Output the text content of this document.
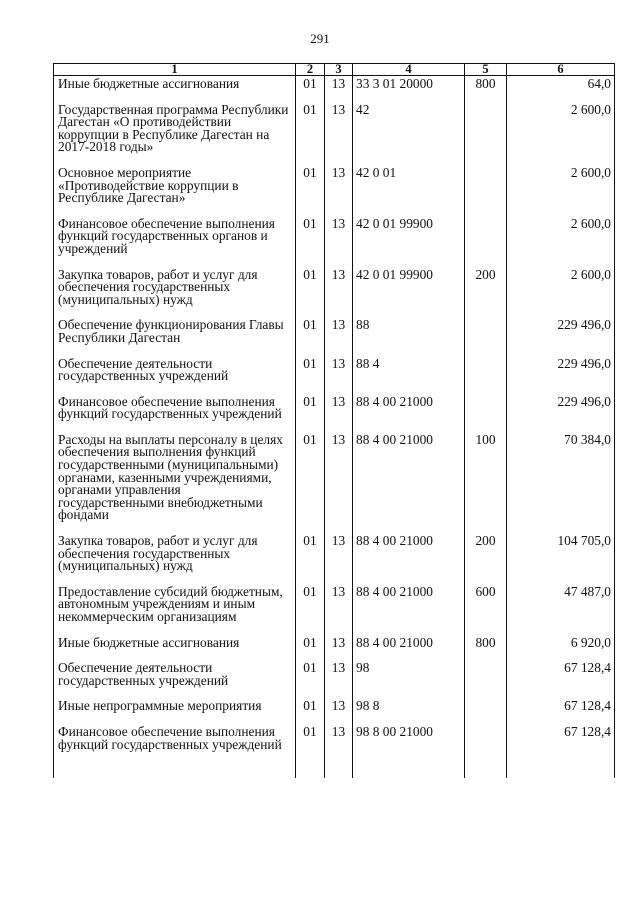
291
1	2	3	4	5	6
Иные бюджетные ассигнования	01	13	33 3 01 20000	800	64,0
Государственная программа Республики Дагестан «О противодействии коррупции в Республике Дагестан на 2017-2018 годы»	01	13	42		2 600,0
Основное мероприятие «Противодействие коррупции в Республике Дагестан»	01	13	42 0 01		2 600,0
Финансовое обеспечение выполнения функций государственных органов и учреждений	01	13	42 0 01 99900		2 600,0
Закупка товаров, работ и услуг для обеспечения государственных (муниципальных) нужд	01	13	42 0 01 99900	200	2 600,0
Обеспечение функционирования Главы Республики Дагестан	01	13	88		229 496,0
Обеспечение деятельности государственных учреждений	01	13	88 4		229 496,0
Финансовое обеспечение выполнения функций государственных учреждений	01	13	88 4 00 21000		229 496,0
Расходы на выплаты персоналу в целях обеспечения выполнения функций государственными (муниципальными) органами, казенными учреждениями, органами управления государственными внебюджетными фондами	01	13	88 4 00 21000	100	70 384,0
Закупка товаров, работ и услуг для обеспечения государственных (муниципальных) нужд	01	13	88 4 00 21000	200	104 705,0
Предоставление субсидий бюджетным, автономным учреждениям и иным некоммерческим организациям	01	13	88 4 00 21000	600	47 487,0
Иные бюджетные ассигнования	01	13	88 4 00 21000	800	6 920,0
Обеспечение деятельности государственных учреждений	01	13	98		67 128,4
Иные непрограммные мероприятия	01	13	98 8		67 128,4
Финансовое обеспечение выполнения функций государственных учреждений	01	13	98 8 00 21000		67 128,4
